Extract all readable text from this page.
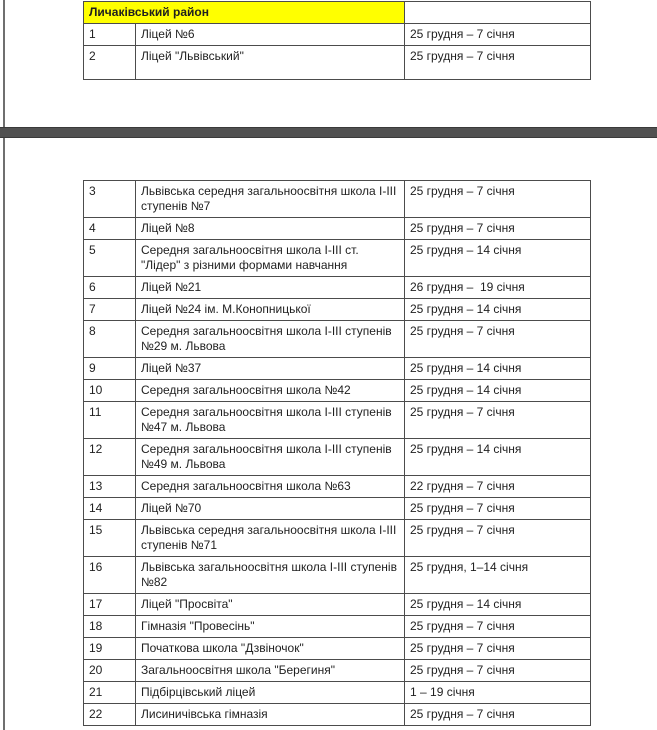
Личаківський район		
1	Ліцей №6	25 грудня – 7 січня
2	Ліцей "Львівський"	25 грудня – 7 січня
3	Львівська середня загальноосвітня школа I-III ступенів №7	25 грудня – 7 січня
4	Ліцей №8	25 грудня – 7 січня
5	Середня загальноосвітня школа I-III ст. "Лідер" з різними формами навчання	25 грудня – 14 січня
6	Ліцей №21	26 грудня –  19 січня
7	Ліцей №24 ім. М.Конопницької	25 грудня – 14 січня
8	Середня загальноосвітня школа I-III ступенів №29 м. Львова	25 грудня – 7 січня
9	Ліцей №37	25 грудня – 14 січня
10	Середня загальноосвітня школа №42	25 грудня – 14 січня
11	Середня загальноосвітня школа I-III ступенів №47 м. Львова	25 грудня – 7 січня
12	Середня загальноосвітня школа I-III ступенів №49 м. Львова	25 грудня – 14 січня
13	Середня загальноосвітня школа №63	22 грудня – 7 січня
14	Ліцей №70	25 грудня – 7 січня
15	Львівська середня загальноосвітня школа I-III ступенів №71	25 грудня – 7 січня
16	Львівська загальноосвітня школа I-III ступенів №82	25 грудня, 1–14 січня
17	Ліцей "Просвіта"	25 грудня – 14 січня
18	Гімназія "Провесінь"	25 грудня – 7 січня
19	Початкова школа "Дзвіночок"	25 грудня – 7 січня
20	Загальноосвітня школа "Берегиня"	25 грудня – 7 січня
21	Підбірцівський ліцей	1 – 19 січня
22	Лисиничівська гімназія	25 грудня – 7 січня
